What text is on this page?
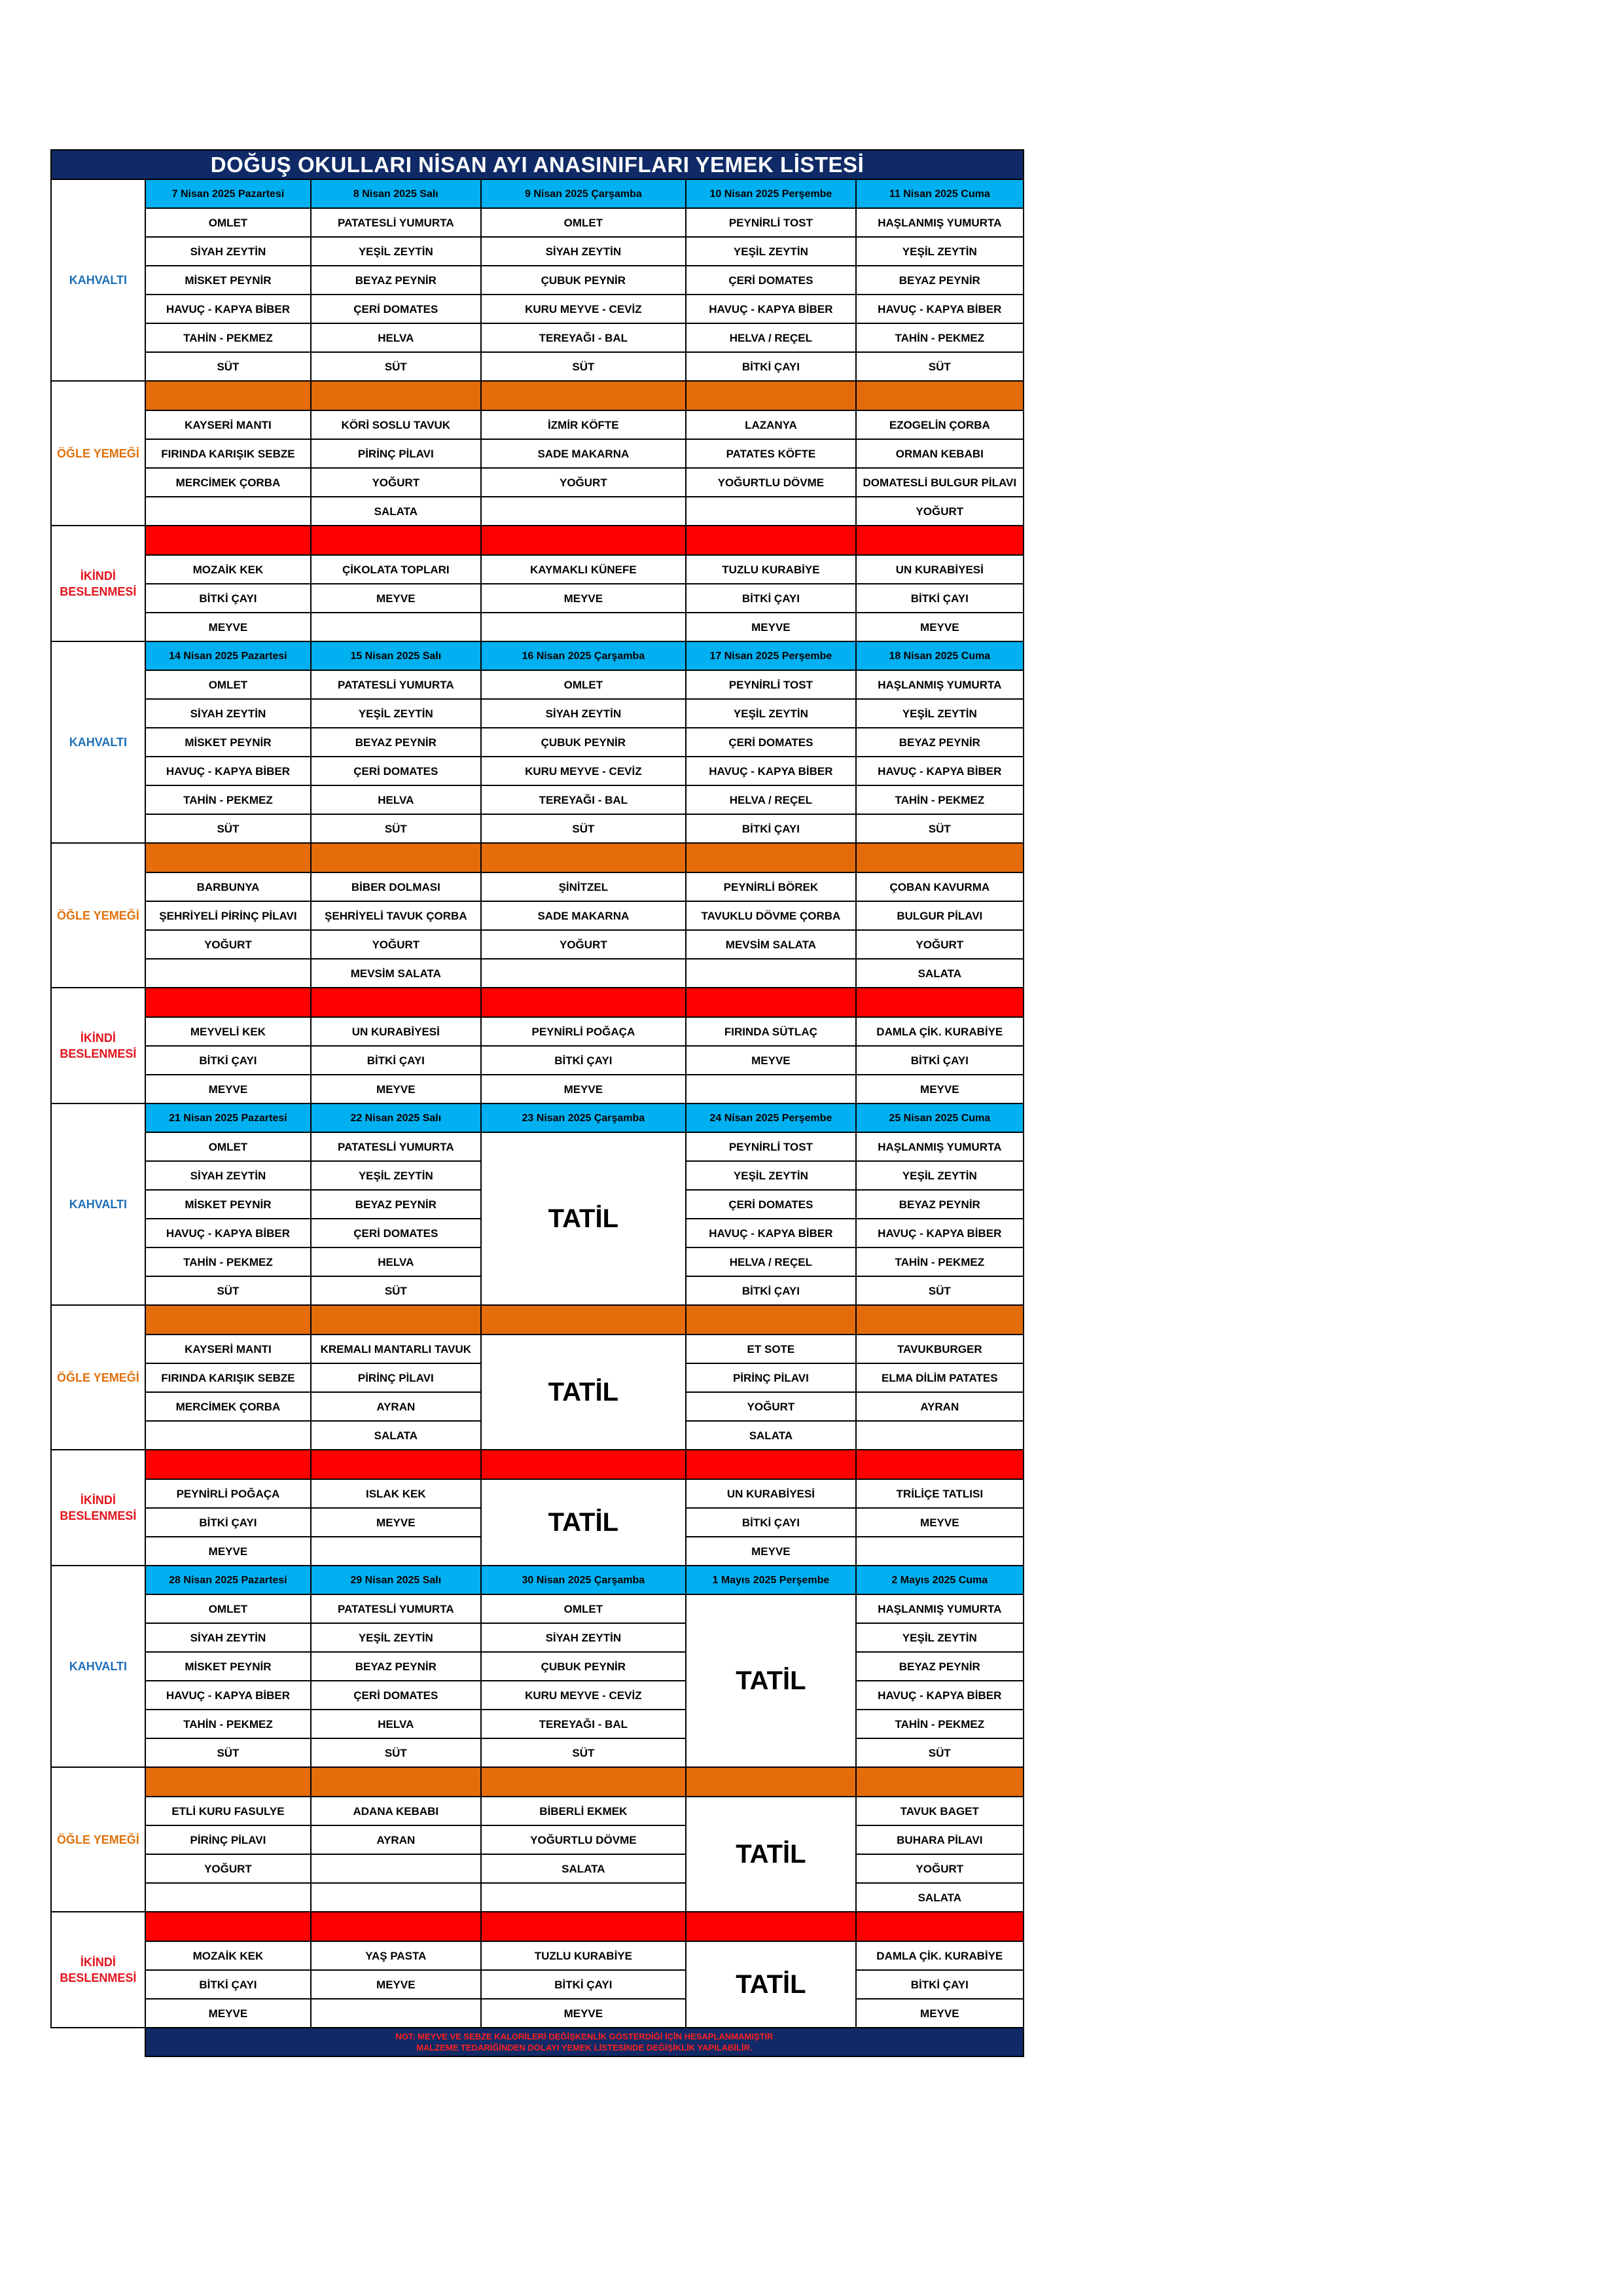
DOĞUŞ OKULLARI NİSAN AYI ANASINIFLARI YEMEK LİSTESİ					
KAHVALTI	7 Nisan 2025 Pazartesi	8 Nisan 2025 Salı	9 Nisan 2025 Çarşamba	10 Nisan 2025 Perşembe	11 Nisan 2025 Cuma
	OMLET	PATATESLİ YUMURTA	OMLET	PEYNİRLİ TOST	HAŞLANMIŞ YUMURTA
	SİYAH ZEYTİN	YEŞİL ZEYTİN	SİYAH ZEYTİN	YEŞİL ZEYTİN	YEŞİL ZEYTİN
	MİSKET PEYNİR	BEYAZ PEYNİR	ÇUBUK PEYNİR	ÇERİ DOMATES	BEYAZ PEYNİR
	HAVUÇ - KAPYA BİBER	ÇERİ DOMATES	KURU MEYVE - CEVİZ	HAVUÇ - KAPYA BİBER	HAVUÇ - KAPYA BİBER
	TAHİN - PEKMEZ	HELVA	TEREYAĞI - BAL	HELVA / REÇEL	TAHİN - PEKMEZ
	SÜT	SÜT	SÜT	BİTKİ ÇAYI	SÜT
ÖĞLE YEMEĞİ					
	KAYSERİ MANTI	KÖRİ SOSLU TAVUK	İZMİR KÖFTE	LAZANYA	EZOGELİN ÇORBA
	FIRINDA KARIŞIK SEBZE	PİRİNÇ PİLAVI	SADE MAKARNA	PATATES KÖFTE	ORMAN KEBABI
	MERCİMEK ÇORBA	YOĞURT	YOĞURT	YOĞURTLU DÖVME	DOMATESLİ BULGUR PİLAVI
		SALATA			YOĞURT
İKİNDİ BESLENMESİ					
	MOZAİK KEK	ÇİKOLATA TOPLARI	KAYMAKLI KÜNEFE	TUZLU KURABİYE	UN KURABİYESİ
	BİTKİ ÇAYI	MEYVE	MEYVE	BİTKİ ÇAYI	BİTKİ ÇAYI
	MEYVE			MEYVE	MEYVE
KAHVALTI	14 Nisan 2025 Pazartesi	15 Nisan 2025 Salı	16 Nisan 2025 Çarşamba	17 Nisan 2025 Perşembe	18 Nisan 2025 Cuma
	OMLET	PATATESLİ YUMURTA	OMLET	PEYNİRLİ TOST	HAŞLANMIŞ YUMURTA
	SİYAH ZEYTİN	YEŞİL ZEYTİN	SİYAH ZEYTİN	YEŞİL ZEYTİN	YEŞİL ZEYTİN
	MİSKET PEYNİR	BEYAZ PEYNİR	ÇUBUK PEYNİR	ÇERİ DOMATES	BEYAZ PEYNİR
	HAVUÇ - KAPYA BİBER	ÇERİ DOMATES	KURU MEYVE - CEVİZ	HAVUÇ - KAPYA BİBER	HAVUÇ - KAPYA BİBER
	TAHİN - PEKMEZ	HELVA	TEREYAĞI - BAL	HELVA / REÇEL	TAHİN - PEKMEZ
	SÜT	SÜT	SÜT	BİTKİ ÇAYI	SÜT
ÖĞLE YEMEĞİ					
	BARBUNYA	BİBER DOLMASI	ŞİNİTZEL	PEYNİRLİ BÖREK	ÇOBAN KAVURMA
	ŞEHRİYELİ PİRİNÇ PİLAVI	ŞEHRİYELİ TAVUK ÇORBA	SADE MAKARNA	TAVUKLU DÖVME ÇORBA	BULGUR PİLAVI
	YOĞURT	YOĞURT	YOĞURT	MEVSİM SALATA	YOĞURT
		MEVSİM SALATA			SALATA
İKİNDİ BESLENMESİ					
	MEYVELİ KEK	UN KURABİYESİ	PEYNİRLİ POĞAÇA	FIRINDA SÜTLAÇ	DAMLA ÇİK. KURABİYE
	BİTKİ ÇAYI	BİTKİ ÇAYI	BİTKİ ÇAYI	MEYVE	BİTKİ ÇAYI
	MEYVE	MEYVE	MEYVE		MEYVE
KAHVALTI	21 Nisan 2025 Pazartesi	22 Nisan 2025 Salı	23 Nisan 2025 Çarşamba	24 Nisan 2025 Perşembe	25 Nisan 2025 Cuma
	OMLET	PATATESLİ YUMURTA	TATİL	PEYNİRLİ TOST	HAŞLANMIŞ YUMURTA
	SİYAH ZEYTİN	YEŞİL ZEYTİN		YEŞİL ZEYTİN	YEŞİL ZEYTİN
	MİSKET PEYNİR	BEYAZ PEYNİR		ÇERİ DOMATES	BEYAZ PEYNİR
	HAVUÇ - KAPYA BİBER	ÇERİ DOMATES		HAVUÇ - KAPYA BİBER	HAVUÇ - KAPYA BİBER
	TAHİN - PEKMEZ	HELVA		HELVA / REÇEL	TAHİN - PEKMEZ
	SÜT	SÜT		BİTKİ ÇAYI	SÜT
ÖĞLE YEMEĞİ					
	KAYSERİ MANTI	KREMALI MANTARLI TAVUK	TATİL	ET SOTE	TAVUKBURGER
	FIRINDA KARIŞIK SEBZE	PİRİNÇ PİLAVI		PİRİNÇ PİLAVI	ELMA DİLİM PATATES
	MERCİMEK ÇORBA	AYRAN		YOĞURT	AYRAN
		SALATA		SALATA	
İKİNDİ BESLENMESİ					
	PEYNİRLİ POĞAÇA	ISLAK KEK	TATİL	UN KURABİYESİ	TRİLİÇE TATLISI
	BİTKİ ÇAYI	MEYVE		BİTKİ ÇAYI	MEYVE
	MEYVE			MEYVE	
KAHVALTI	28 Nisan 2025 Pazartesi	29 Nisan 2025 Salı	30 Nisan 2025 Çarşamba	1 Mayıs 2025 Perşembe	2 Mayıs 2025 Cuma
	OMLET	PATATESLİ YUMURTA	OMLET	TATİL	HAŞLANMIŞ YUMURTA
	SİYAH ZEYTİN	YEŞİL ZEYTİN	SİYAH ZEYTİN		YEŞİL ZEYTİN
	MİSKET PEYNİR	BEYAZ PEYNİR	ÇUBUK PEYNİR		BEYAZ PEYNİR
	HAVUÇ - KAPYA BİBER	ÇERİ DOMATES	KURU MEYVE - CEVİZ		HAVUÇ - KAPYA BİBER
	TAHİN - PEKMEZ	HELVA	TEREYAĞI - BAL		TAHİN - PEKMEZ
	SÜT	SÜT	SÜT		SÜT
ÖĞLE YEMEĞİ					
	ETLİ KURU FASULYE	ADANA KEBABI	BİBERLİ EKMEK	TATİL	TAVUK BAGET
	PİRİNÇ PİLAVI	AYRAN	YOĞURTLU DÖVME		BUHARA PİLAVI
	YOĞURT		SALATA		YOĞURT
					SALATA
İKİNDİ BESLENMESİ					
	MOZAİK KEK	YAŞ PASTA	TUZLU KURABİYE	TATİL	DAMLA ÇİK. KURABİYE
	BİTKİ ÇAYI	MEYVE	BİTKİ ÇAYI		BİTKİ ÇAYI
	MEYVE		MEYVE		MEYVE

	NOT: MEYVE VE SEBZE KALORİLERİ DEĞİŞKENLİK GÖSTERDİĞİ İÇİN HESAPLANMAMIŞTIR
MALZEME TEDARİĞİNDEN DOLAYI YEMEK LİSTESİNDE DEĞİŞİKLİK YAPILABİLİR.				
